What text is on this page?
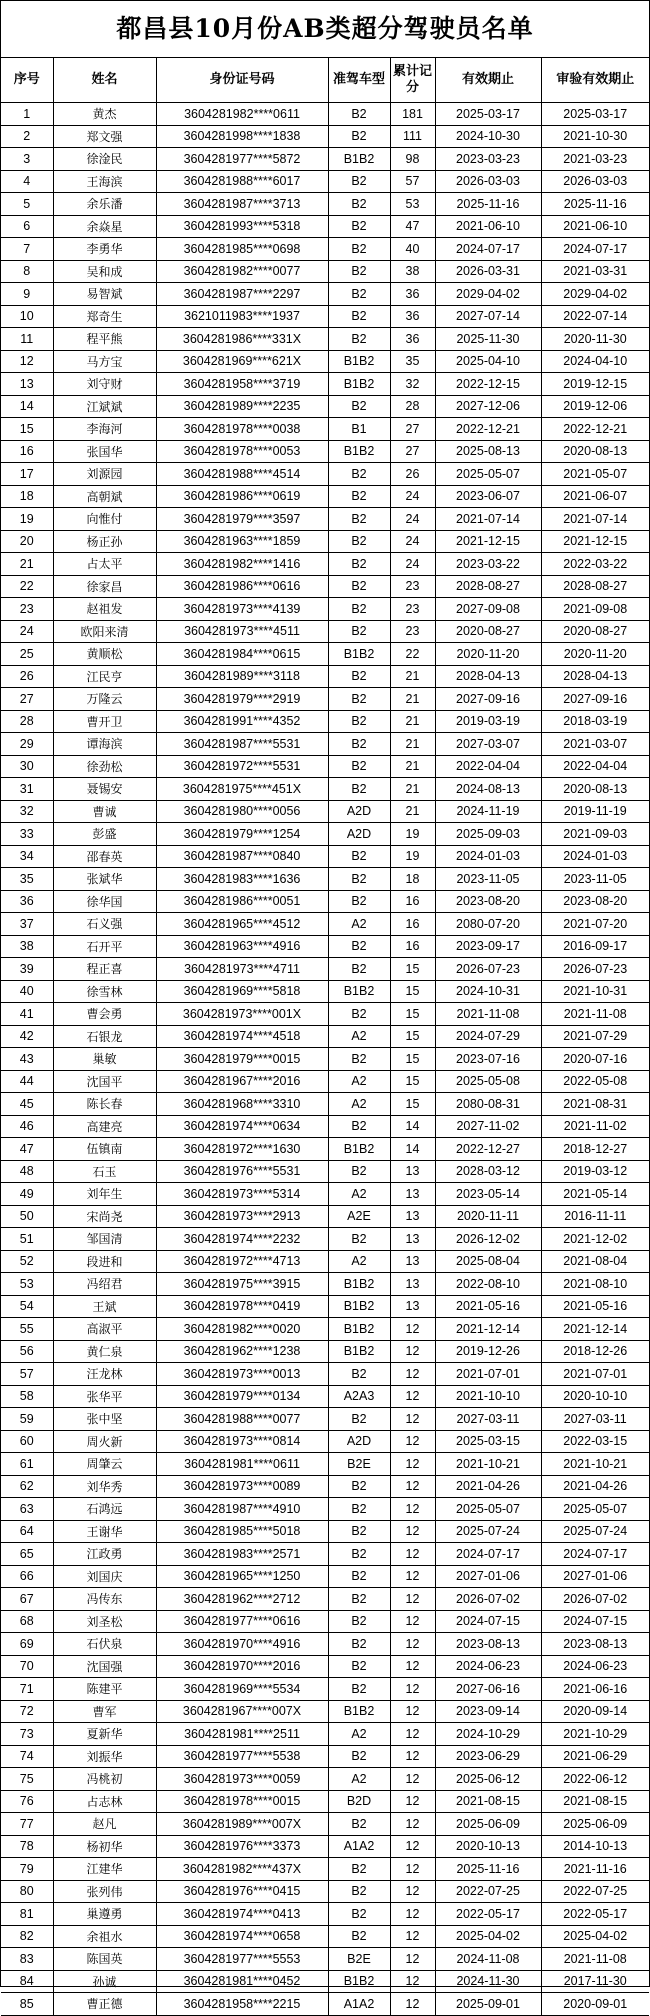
都昌县10月份AB类超分驾驶员名单
序号	姓名	身份证号码	准驾车型	累计记分	有效期止	审验有效期止
1	黄杰	3604281982****0611	B2	181	2025-03-17	2025-03-17
2	郑文强	3604281998****1838	B2	111	2024-10-30	2021-10-30
3	徐淦民	3604281977****5872	B1B2	98	2023-03-23	2021-03-23
4	王海滨	3604281988****6017	B2	57	2026-03-03	2026-03-03
5	余乐潘	3604281987****3713	B2	53	2025-11-16	2025-11-16
6	余焱星	3604281993****5318	B2	47	2021-06-10	2021-06-10
7	李勇华	3604281985****0698	B2	40	2024-07-17	2024-07-17
8	吴和成	3604281982****0077	B2	38	2026-03-31	2021-03-31
9	易智斌	3604281987****2297	B2	36	2029-04-02	2029-04-02
10	郑奇生	3621011983****1937	B2	36	2027-07-14	2022-07-14
11	程平熊	3604281986****331X	B2	36	2025-11-30	2020-11-30
12	马方宝	3604281969****621X	B1B2	35	2025-04-10	2024-04-10
13	刘守财	3604281958****3719	B1B2	32	2022-12-15	2019-12-15
14	江斌斌	3604281989****2235	B2	28	2027-12-06	2019-12-06
15	李海河	3604281978****0038	B1	27	2022-12-21	2022-12-21
16	张国华	3604281978****0053	B1B2	27	2025-08-13	2020-08-13
17	刘源园	3604281988****4514	B2	26	2025-05-07	2021-05-07
18	高朝斌	3604281986****0619	B2	24	2023-06-07	2021-06-07
19	向惟付	3604281979****3597	B2	24	2021-07-14	2021-07-14
20	杨正孙	3604281963****1859	B2	24	2021-12-15	2021-12-15
21	占太平	3604281982****1416	B2	24	2023-03-22	2022-03-22
22	徐家昌	3604281986****0616	B2	23	2028-08-27	2028-08-27
23	赵祖发	3604281973****4139	B2	23	2027-09-08	2021-09-08
24	欧阳来清	3604281973****4511	B2	23	2020-08-27	2020-08-27
25	黄顺松	3604281984****0615	B1B2	22	2020-11-20	2020-11-20
26	江民亨	3604281989****3118	B2	21	2028-04-13	2028-04-13
27	万隆云	3604281979****2919	B2	21	2027-09-16	2027-09-16
28	曹开卫	3604281991****4352	B2	21	2019-03-19	2018-03-19
29	谭海滨	3604281987****5531	B2	21	2027-03-07	2021-03-07
30	徐劲松	3604281972****5531	B2	21	2022-04-04	2022-04-04
31	聂锡安	3604281975****451X	B2	21	2024-08-13	2020-08-13
32	曹诚	3604281980****0056	A2D	21	2024-11-19	2019-11-19
33	彭盛	3604281979****1254	A2D	19	2025-09-03	2021-09-03
34	邵春英	3604281987****0840	B2	19	2024-01-03	2024-01-03
35	张斌华	3604281983****1636	B2	18	2023-11-05	2023-11-05
36	徐华国	3604281986****0051	B2	16	2023-08-20	2023-08-20
37	石义强	3604281965****4512	A2	16	2080-07-20	2021-07-20
38	石开平	3604281963****4916	B2	16	2023-09-17	2016-09-17
39	程正喜	3604281973****4711	B2	15	2026-07-23	2026-07-23
40	徐雪林	3604281969****5818	B1B2	15	2024-10-31	2021-10-31
41	曹会勇	3604281973****001X	B2	15	2021-11-08	2021-11-08
42	石银龙	3604281974****4518	A2	15	2024-07-29	2021-07-29
43	巢敏	3604281979****0015	B2	15	2023-07-16	2020-07-16
44	沈国平	3604281967****2016	A2	15	2025-05-08	2022-05-08
45	陈长春	3604281968****3310	A2	15	2080-08-31	2021-08-31
46	高建亮	3604281974****0634	B2	14	2027-11-02	2021-11-02
47	伍镇南	3604281972****1630	B1B2	14	2022-12-27	2018-12-27
48	石玉	3604281976****5531	B2	13	2028-03-12	2019-03-12
49	刘年生	3604281973****5314	A2	13	2023-05-14	2021-05-14
50	宋尚尧	3604281973****2913	A2E	13	2020-11-11	2016-11-11
51	邹国清	3604281974****2232	B2	13	2026-12-02	2021-12-02
52	段进和	3604281972****4713	A2	13	2025-08-04	2021-08-04
53	冯绍君	3604281975****3915	B1B2	13	2022-08-10	2021-08-10
54	王斌	3604281978****0419	B1B2	13	2021-05-16	2021-05-16
55	高淑平	3604281982****0020	B1B2	12	2021-12-14	2021-12-14
56	黄仁泉	3604281962****1238	B1B2	12	2019-12-26	2018-12-26
57	汪龙林	3604281973****0013	B2	12	2021-07-01	2021-07-01
58	张华平	3604281979****0134	A2A3	12	2021-10-10	2020-10-10
59	张中坚	3604281988****0077	B2	12	2027-03-11	2027-03-11
60	周火新	3604281973****0814	A2D	12	2025-03-15	2022-03-15
61	周肇云	3604281981****0611	B2E	12	2021-10-21	2021-10-21
62	刘华秀	3604281973****0089	B2	12	2021-04-26	2021-04-26
63	石鸿远	3604281987****4910	B2	12	2025-05-07	2025-05-07
64	王谢华	3604281985****5018	B2	12	2025-07-24	2025-07-24
65	江政勇	3604281983****2571	B2	12	2024-07-17	2024-07-17
66	刘国庆	3604281965****1250	B2	12	2027-01-06	2027-01-06
67	冯传东	3604281962****2712	B2	12	2026-07-02	2026-07-02
68	刘圣松	3604281977****0616	B2	12	2024-07-15	2024-07-15
69	石伏泉	3604281970****4916	B2	12	2023-08-13	2023-08-13
70	沈国强	3604281970****2016	B2	12	2024-06-23	2024-06-23
71	陈建平	3604281969****5534	B2	12	2027-06-16	2021-06-16
72	曹军	3604281967****007X	B1B2	12	2023-09-14	2020-09-14
73	夏新华	3604281981****2511	A2	12	2024-10-29	2021-10-29
74	刘振华	3604281977****5538	B2	12	2023-06-29	2021-06-29
75	冯桃初	3604281973****0059	A2	12	2025-06-12	2022-06-12
76	占志林	3604281978****0015	B2D	12	2021-08-15	2021-08-15
77	赵凡	3604281989****007X	B2	12	2025-06-09	2025-06-09
78	杨初华	3604281976****3373	A1A2	12	2020-10-13	2014-10-13
79	江建华	3604281982****437X	B2	12	2025-11-16	2021-11-16
80	张列伟	3604281976****0415	B2	12	2022-07-25	2022-07-25
81	巢遵勇	3604281974****0413	B2	12	2022-05-17	2022-05-17
82	余祖水	3604281974****0658	B2	12	2025-04-02	2025-04-02
83	陈国英	3604281977****5553	B2E	12	2024-11-08	2021-11-08
84	孙诚	3604281981****0452	B1B2	12	2024-11-30	2017-11-30
85	曹正德	3604281958****2215	A1A2	12	2025-09-01	2020-09-01
